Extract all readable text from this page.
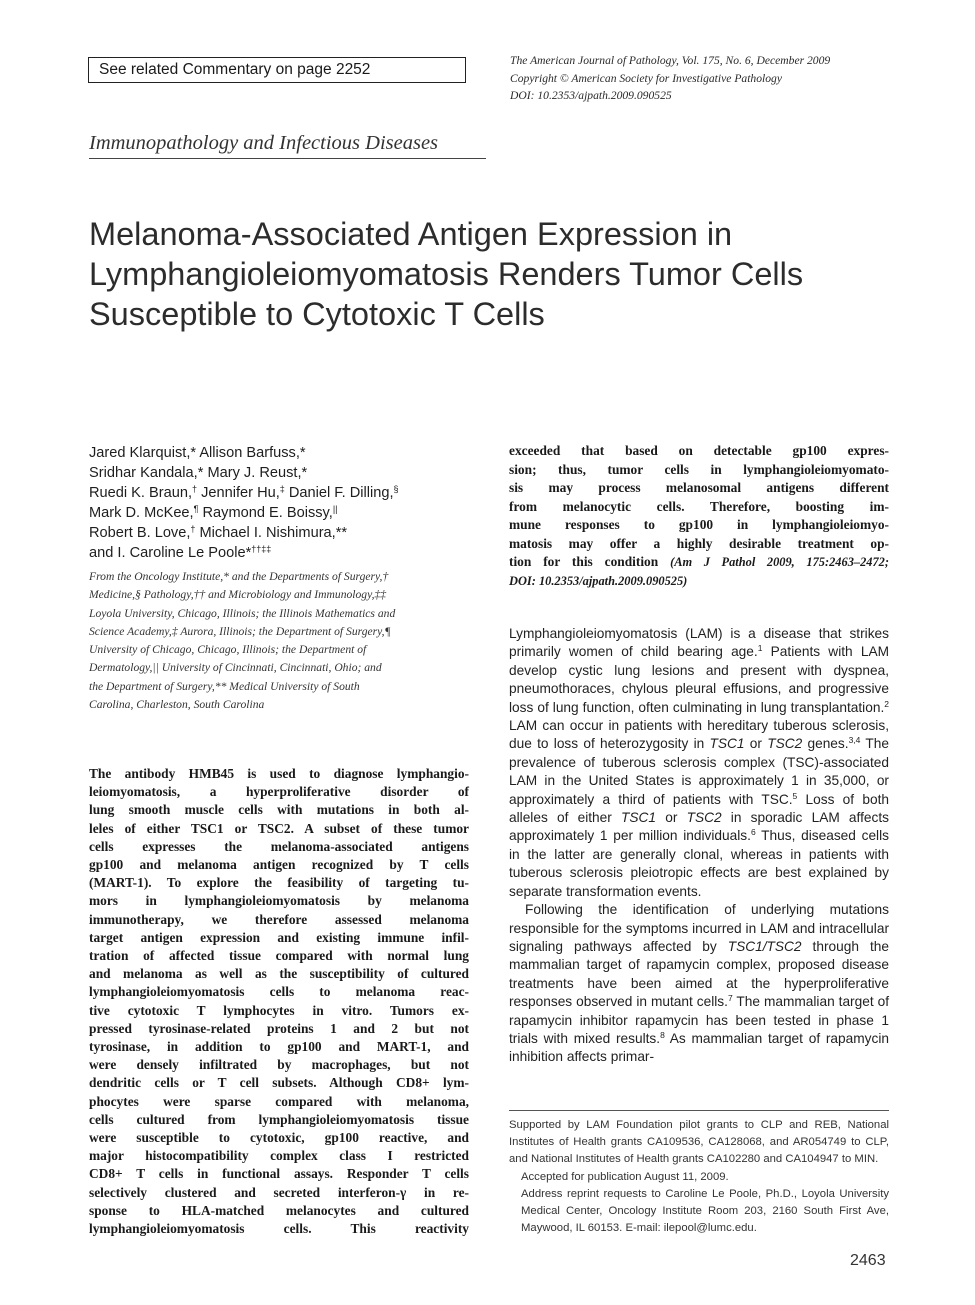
See related Commentary on page 2252
The American Journal of Pathology, Vol. 175, No. 6, December 2009
Copyright © American Society for Investigative Pathology
DOI: 10.2353/ajpath.2009.090525
Immunopathology and Infectious Diseases
Melanoma-Associated Antigen Expression in
Lymphangioleiomyomatosis Renders Tumor Cells
Susceptible to Cytotoxic T Cells
Jared Klarquist,* Allison Barfuss,*
Sridhar Kandala,* Mary J. Reust,*
Ruedi K. Braun,† Jennifer Hu,‡ Daniel F. Dilling,§
Mark D. McKee,¶ Raymond E. Boissy,||
Robert B. Love,† Michael I. Nishimura,**
and I. Caroline Le Poole*††‡‡
From the Oncology Institute,* and the Departments of Surgery,†
Medicine,§ Pathology,†† and Microbiology and Immunology,‡‡
Loyola University, Chicago, Illinois; the Illinois Mathematics and
Science Academy,‡ Aurora, Illinois; the Department of Surgery,¶
University of Chicago, Chicago, Illinois; the Department of
Dermatology,|| University of Cincinnati, Cincinnati, Ohio; and
the Department of Surgery,** Medical University of South
Carolina, Charleston, South Carolina
The antibody HMB45 is used to diagnose lymphangio-
leiomyomatosis, a hyperproliferative disorder of
lung smooth muscle cells with mutations in both al-
leles of either TSC1 or TSC2. A subset of these tumor
cells expresses the melanoma-associated antigens
gp100 and melanoma antigen recognized by T cells
(MART-1). To explore the feasibility of targeting tu-
mors in lymphangioleiomyomatosis by melanoma
immunotherapy, we therefore assessed melanoma
target antigen expression and existing immune infil-
tration of affected tissue compared with normal lung
and melanoma as well as the susceptibility of cultured
lymphangioleiomyomatosis cells to melanoma reac-
tive cytotoxic T lymphocytes in vitro. Tumors ex-
pressed tyrosinase-related proteins 1 and 2 but not
tyrosinase, in addition to gp100 and MART-1, and
were densely infiltrated by macrophages, but not
dendritic cells or T cell subsets. Although CD8+ lym-
phocytes were sparse compared with melanoma,
cells cultured from lymphangioleiomyomatosis tissue
were susceptible to cytotoxic, gp100 reactive, and
major histocompatibility complex class I restricted
CD8+ T cells in functional assays. Responder T cells
selectively clustered and secreted interferon-γ in re-
sponse to HLA-matched melanocytes and cultured
lymphangioleiomyomatosis cells. This reactivity
exceeded that based on detectable gp100 expres-
sion; thus, tumor cells in lymphangioleiomyomato-
sis may process melanosomal antigens different
from melanocytic cells. Therefore, boosting im-
mune responses to gp100 in lymphangioleiomyo-
matosis may offer a highly desirable treatment op-
tion for this condition (Am J Pathol 2009, 175:2463–2472;
DOI: 10.2353/ajpath.2009.090525)
Lymphangioleiomyomatosis (LAM) is a disease that strikes primarily women of child bearing age.$^1$ Patients with LAM develop cystic lung lesions and present with dyspnea, pneumothoraces, chylous pleural effusions, and progressive loss of lung function, often culminating in lung transplantation.$^2$ LAM can occur in patients with hereditary tuberous sclerosis, due to loss of heterozygosity in TSC1 or TSC2 genes.$^{3,4}$ The prevalence of tuberous sclerosis complex (TSC)-associated LAM in the United States is approximately 1 in 35,000, or approximately a third of patients with TSC.$^5$ Loss of both alleles of either TSC1 or TSC2 in sporadic LAM affects approximately 1 per million individuals.$^6$ Thus, diseased cells in the latter are generally clonal, whereas in patients with tuberous sclerosis pleiotropic effects are best explained by separate transformation events.
Following the identification of underlying mutations responsible for the symptoms incurred in LAM and intracellular signaling pathways affected by TSC1/TSC2 through the mammalian target of rapamycin complex, proposed disease treatments have been aimed at the hyperproliferative responses observed in mutant cells.$^7$ The mammalian target of rapamycin inhibitor rapamycin has been tested in phase 1 trials with mixed results.$^8$ As mammalian target of rapamycin inhibition affects primar-
Supported by LAM Foundation pilot grants to CLP and REB, National Institutes of Health grants CA109536, CA128068, and AR054749 to CLP, and National Institutes of Health grants CA102280 and CA104947 to MIN.
Accepted for publication August 11, 2009.
Address reprint requests to Caroline Le Poole, Ph.D., Loyola University Medical Center, Oncology Institute Room 203, 2160 South First Ave, Maywood, IL 60153. E-mail: ilepool@lumc.edu.
2463
